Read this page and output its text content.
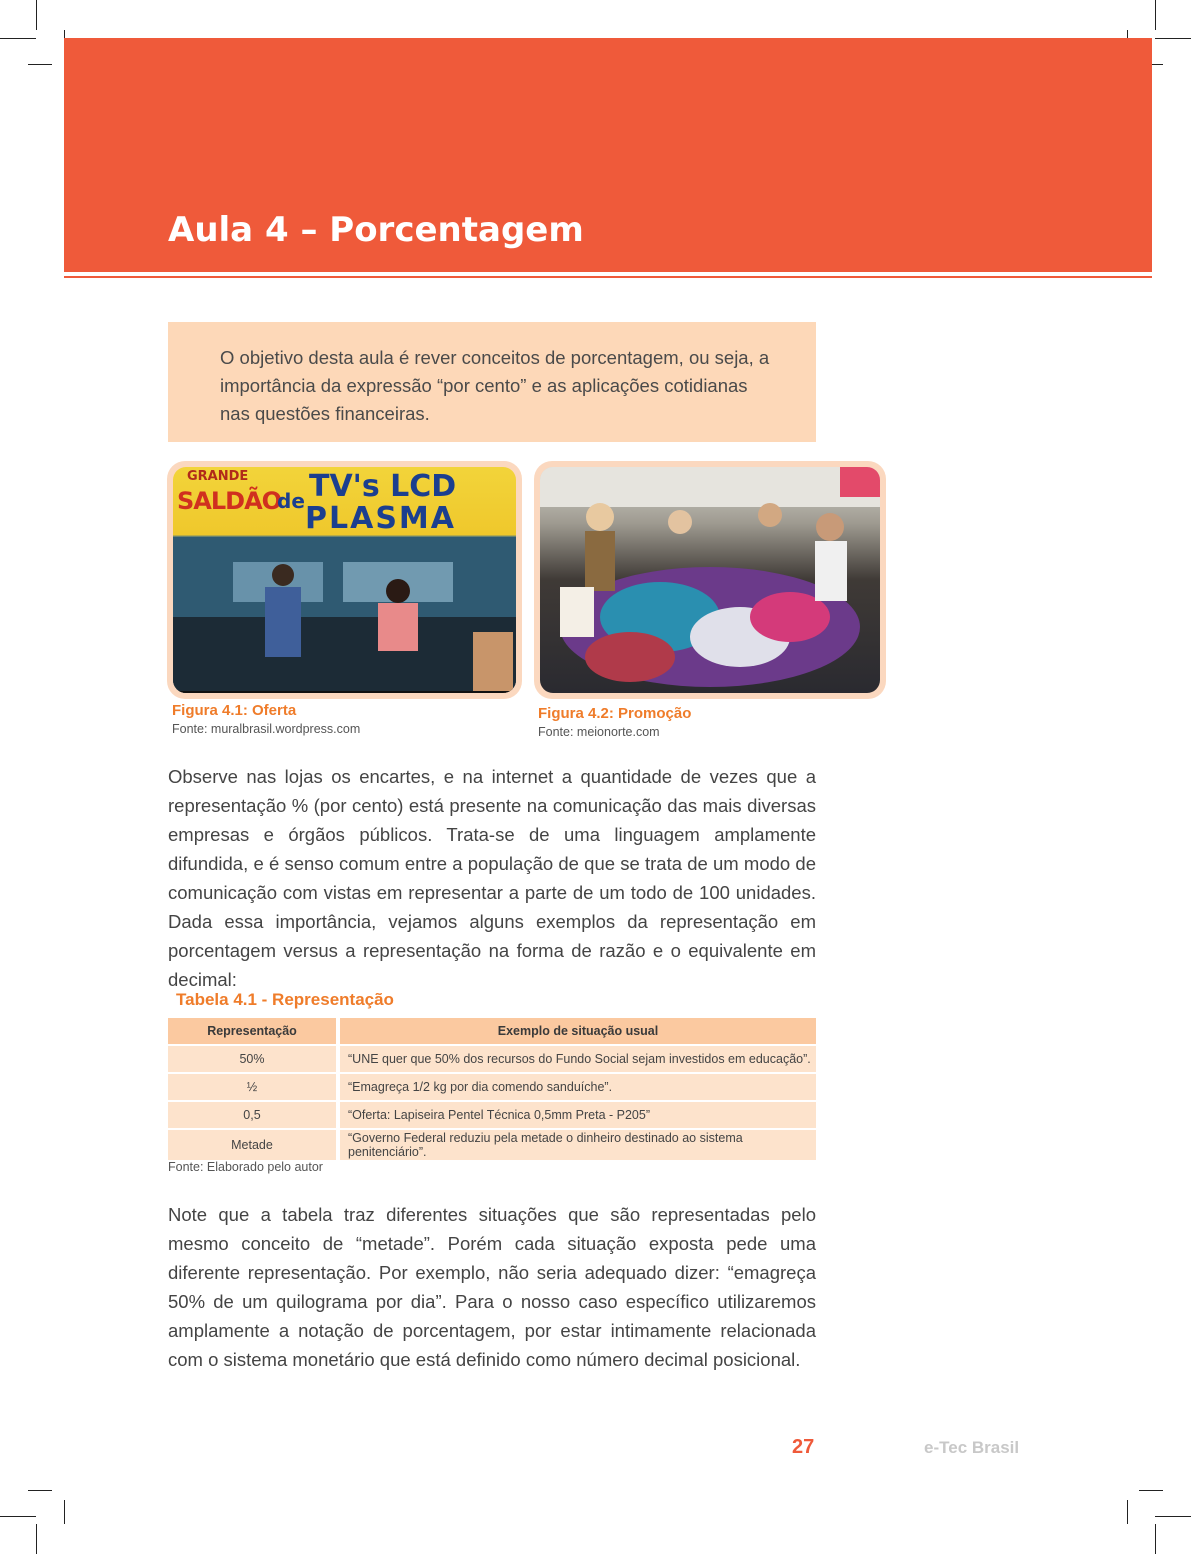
Aula 4 – Porcentagem

O objetivo desta aula é rever conceitos de porcentagem, ou seja, a importância da expressão “por cento” e as aplicações cotidianas nas questões financeiras.

GRANDE
SALDÃO
de TV's LCD
PLASMA
Figura 4.1: Oferta
Fonte: muralbrasil.wordpress.com
Figura 4.2: Promoção
Fonte: meionorte.com

Observe nas lojas os encartes, e na internet a quantidade de vezes que a representação % (por cento) está presente na comunicação das mais diversas empresas e órgãos públicos. Trata-se de uma linguagem amplamente difundida, e é senso comum entre a população de que se trata de um modo de comunicação com vistas em representar a parte de um todo de 100 unidades. Dada essa importância, vejamos alguns exemplos da representação em porcentagem versus a representação na forma de razão e o equivalente em decimal:

Tabela 4.1 - Representação
Representação	Exemplo de situação usual
50%	“UNE quer que 50% dos recursos do Fundo Social sejam investidos em educação”.
½	“Emagreça 1/2 kg por dia comendo sanduíche”.
0,5	“Oferta: Lapiseira Pentel Técnica 0,5mm Preta - P205”
Metade	“Governo Federal reduziu pela metade o dinheiro destinado ao sistema penitenciário”.

Fonte: Elaborado pelo autor

Note que a tabela traz diferentes situações que são representadas pelo mesmo conceito de “metade”. Porém cada situação exposta pede uma diferente representação. Por exemplo, não seria adequado dizer: “emagreça 50% de um quilograma por dia”. Para o nosso caso específico utilizaremos amplamente a notação de porcentagem, por estar intimamente relacionada com o sistema monetário que está definido como número decimal posicional.

27	e-Tec Brasil
